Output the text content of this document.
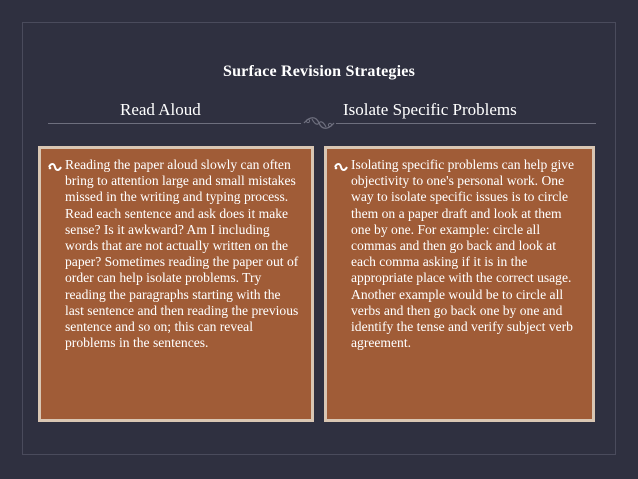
Surface Revision Strategies
Read Aloud	Isolate Specific Problems
Reading the paper aloud slowly can often bring to attention large and small mistakes missed in the writing and typing process. Read each sentence and ask does it make sense? Is it awkward? Am I including words that are not actually written on the paper? Sometimes reading the paper out of order can help isolate problems. Try reading the paragraphs starting with the last sentence and then reading the previous sentence and so on; this can reveal problems in the sentences.
Isolating specific problems can help give objectivity to one's personal work. One way to isolate specific issues is to circle them on a paper draft and look at them one by one. For example: circle all commas and then go back and look at each comma asking if it is in the appropriate place with the correct usage. Another example would be to circle all verbs and then go back one by one and identify the tense and verify subject verb agreement.
